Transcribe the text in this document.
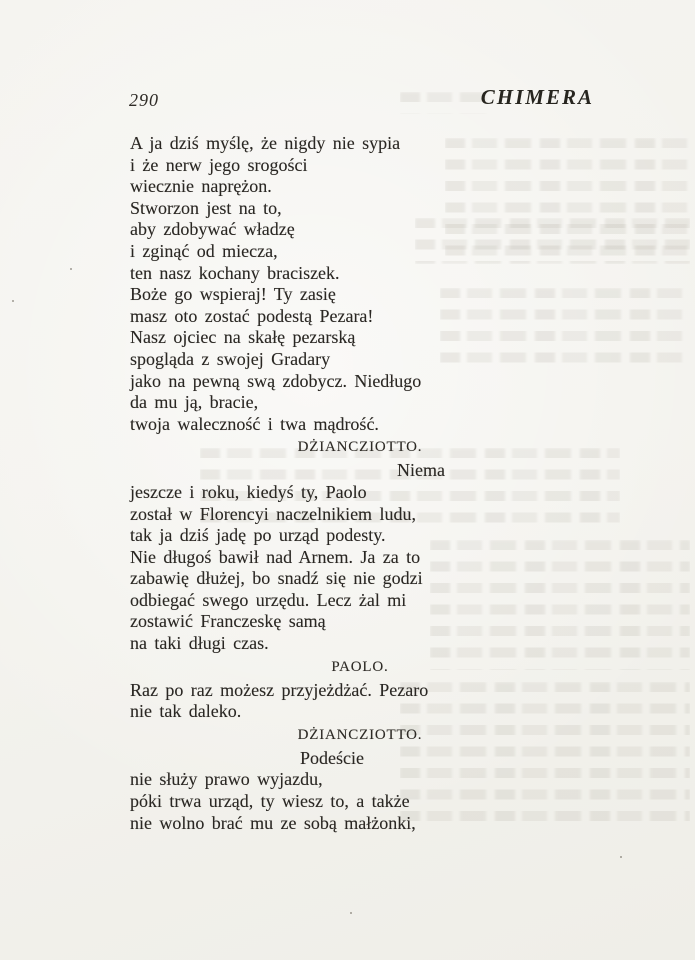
290	CHIMERA
A ja dziś myślę, że nigdy nie sypia
i że nerw jego srogości
wiecznie naprężon.
Stworzon jest na to,
aby zdobywać władzę
i zginąć od miecza,
ten nasz kochany braciszek.
Boże go wspieraj! Ty zasię
masz oto zostać podestą Pezara!
Nasz ojciec na skałę pezarską
spogląda z swojej Gradary
jako na pewną swą zdobycz. Niedługo
da mu ją, bracie,
twoja waleczność i twa mądrość.
DŻIANCZIOTTO.
Niema
jeszcze i roku, kiedyś ty, Paolo
został w Florencyi naczelnikiem ludu,
tak ja dziś jadę po urząd podesty.
Nie długoś bawił nad Arnem. Ja za to
zabawię dłużej, bo snadź się nie godzi
odbiegać swego urzędu. Lecz żal mi
zostawić Franczeskę samą
na taki długi czas.
PAOLO.
Raz po raz możesz przyjeżdżać. Pezaro
nie tak daleko.
DŻIANCZIOTTO.
Podeście
nie służy prawo wyjazdu,
póki trwa urząd, ty wiesz to, a także
nie wolno brać mu ze sobą małżonki,
